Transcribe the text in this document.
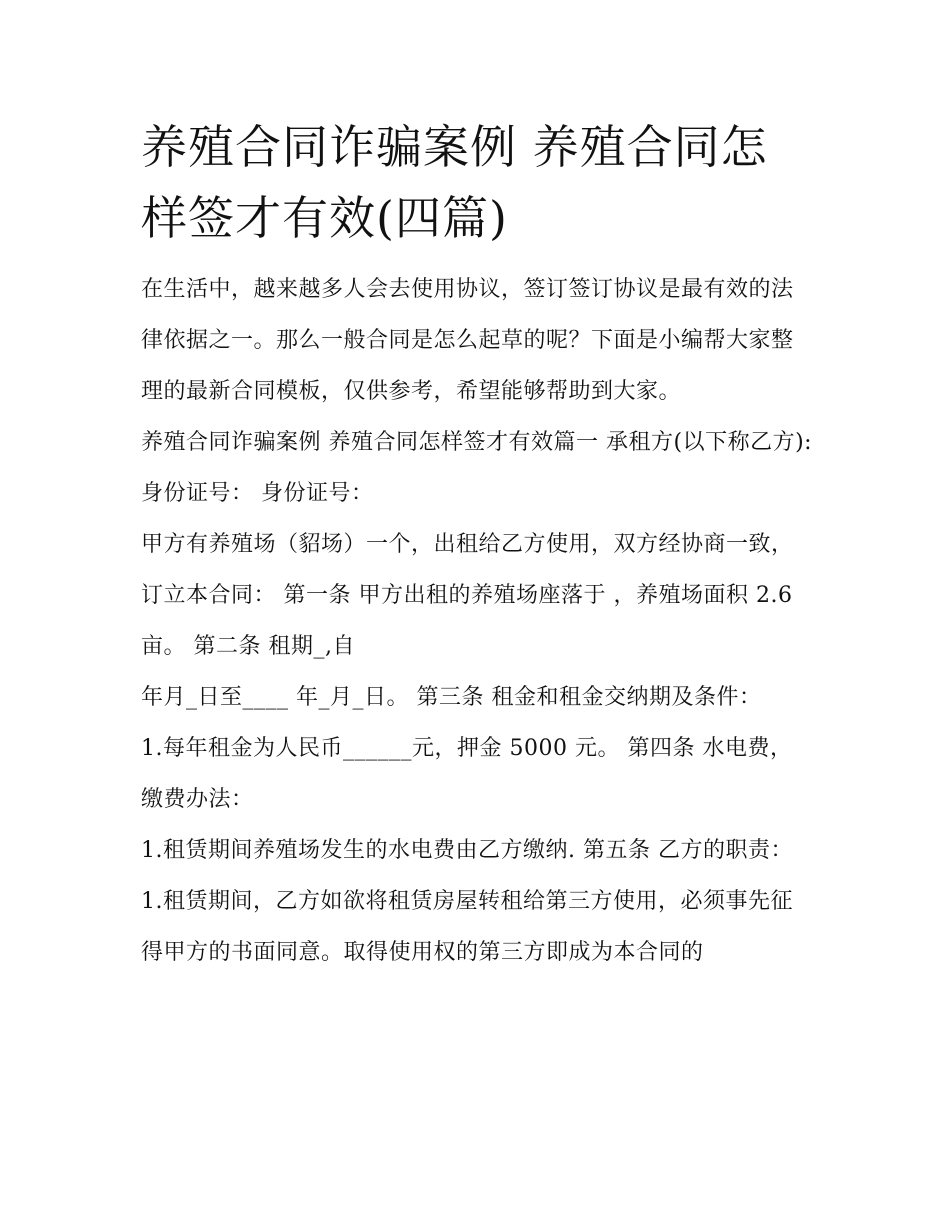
养殖合同诈骗案例 养殖合同怎样签才有效(四篇)

在生活中，越来越多人会去使用协议，签订签订协议是最有效的法律依据之一。那么一般合同是怎么起草的呢？下面是小编帮大家整理的最新合同模板，仅供参考，希望能够帮助到大家。

养殖合同诈骗案例 养殖合同怎样签才有效篇一 承租方(以下称乙方): 身份证号： 身份证号：

甲方有养殖场（貂场）一个，出租给乙方使用，双方经协商一致，订立本合同： 第一条 甲方出租的养殖场座落于 ，养殖场面积 2.6 亩。 第二条 租期_,自

年月_日至____ 年_月_日。 第三条 租金和租金交纳期及条件：

1.每年租金为人民币______元，押金 5000 元。 第四条 水电费，缴费办法：

1.租赁期间养殖场发生的水电费由乙方缴纳. 第五条 乙方的职责：

1.租赁期间，乙方如欲将租赁房屋转租给第三方使用，必须事先征得甲方的书面同意。取得使用权的第三方即成为本合同的
